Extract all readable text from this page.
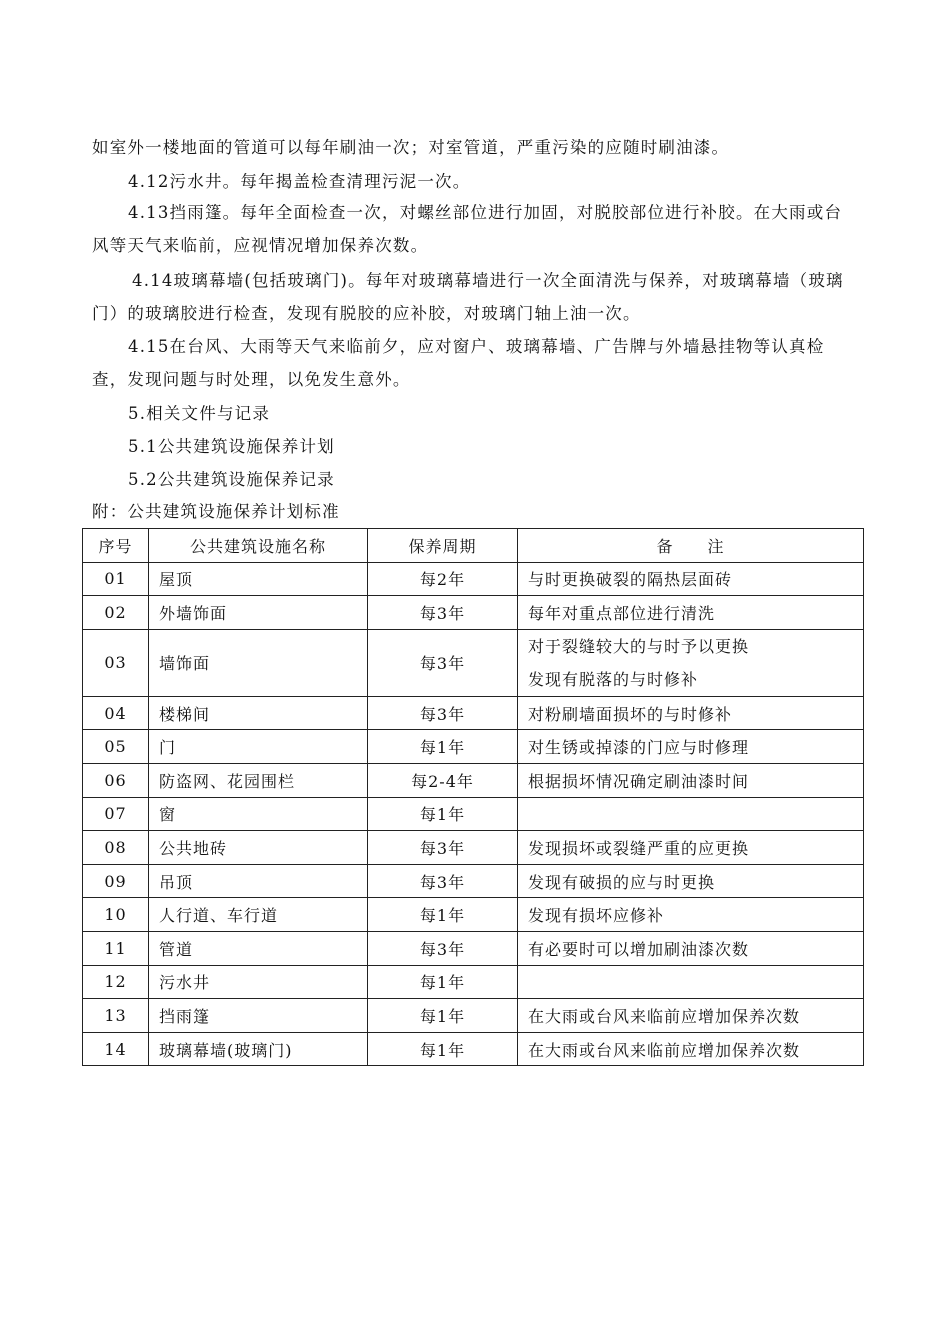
如室外一楼地面的管道可以每年刷油一次；对室管道，严重污染的应随时刷油漆。

4.12污水井。每年揭盖检查清理污泥一次。

4.13挡雨篷。每年全面检查一次，对螺丝部位进行加固，对脱胶部位进行补胶。在大雨或台风等天气来临前，应视情况增加保养次数。

4.14玻璃幕墙(包括玻璃门)。每年对玻璃幕墙进行一次全面清洗与保养，对玻璃幕墙（玻璃门）的玻璃胶进行检查，发现有脱胶的应补胶，对玻璃门轴上油一次。

4.15在台风、大雨等天气来临前夕，应对窗户、玻璃幕墙、广告牌与外墙悬挂物等认真检查，发现问题与时处理，以免发生意外。

5.相关文件与记录

5.1公共建筑设施保养计划

5.2公共建筑设施保养记录

附：公共建筑设施保养计划标准

序号	公共建筑设施名称	保养周期	备　　注
01	屋顶	每2年	与时更换破裂的隔热层面砖
02	外墙饰面	每3年	每年对重点部位进行清洗
03	墙饰面	每3年	对于裂缝较大的与时予以更换
发现有脱落的与时修补

04	楼梯间	每3年	对粉刷墙面损坏的与时修补
05	门	每1年	对生锈或掉漆的门应与时修理
06	防盗网、花园围栏	每2-4年	根据损坏情况确定刷油漆时间
07	窗	每1年	
08	公共地砖	每3年	发现损坏或裂缝严重的应更换
09	吊顶	每3年	发现有破损的应与时更换
10	人行道、车行道	每1年	发现有损坏应修补
11	管道	每3年	有必要时可以增加刷油漆次数
12	污水井	每1年	
13	挡雨篷	每1年	在大雨或台风来临前应增加保养次数
14	玻璃幕墙(玻璃门)	每1年	在大雨或台风来临前应增加保养次数
